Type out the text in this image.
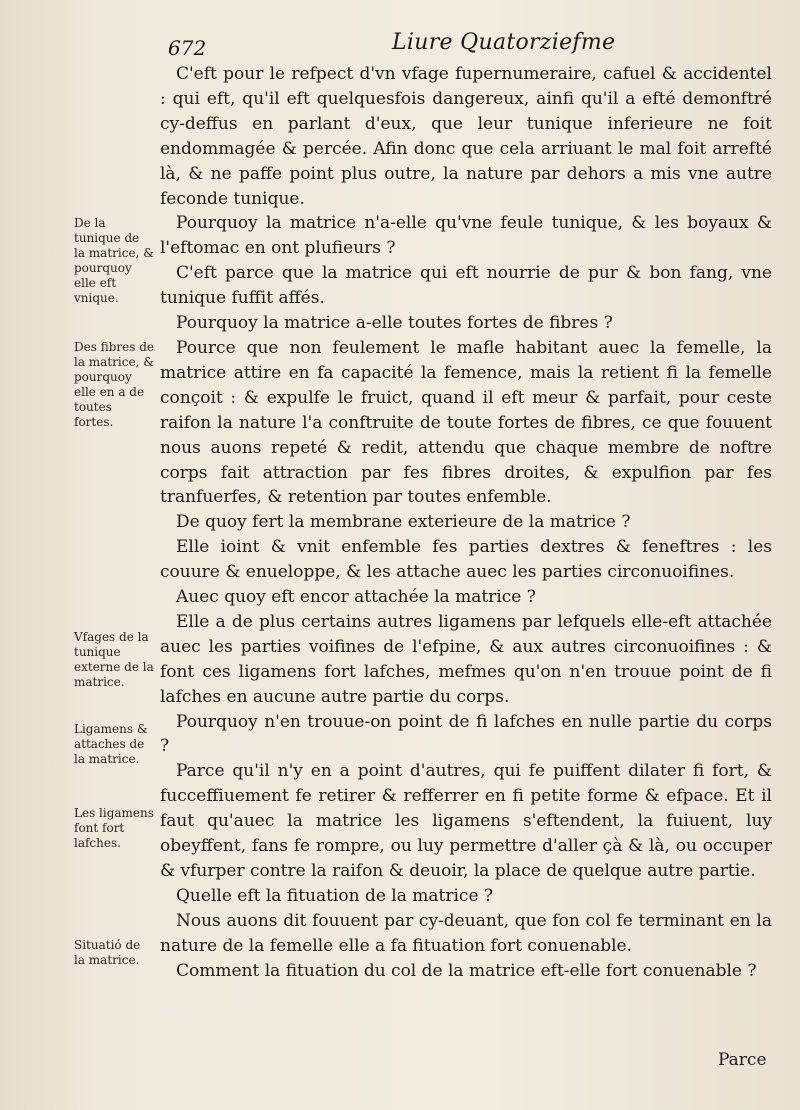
672	Liure Quatorziefme

C'eft pour le refpect d'vn vfage fupernumeraire, cafuel & accidentel : qui eft, qu'il eft quelquesfois dangereux, ainfi qu'il a efté demonftré cy-deffus en parlant d'eux, que leur tunique inferieure ne foit endommagée & percée. Afin donc que cela arriuant le mal foit arrefté là, & ne paffe point plus outre, la nature par dehors a mis vne autre feconde tunique.

Pourquoy la matrice n'a-elle qu'vne feule tunique, & les boyaux & l'eftomac en ont plufieurs ?

C'eft parce que la matrice qui eft nourrie de pur & bon fang, vne tunique fuffit affés.

Pourquoy la matrice a-elle toutes fortes de fibres ?

Pource que non feulement le mafle habitant auec la femelle, la matrice attire en fa capacité la femence, mais la retient fi la femelle conçoit : & expulfe le fruict, quand il eft meur & parfait, pour ceste raifon la nature l'a conftruite de toute fortes de fibres, ce que fouuent nous auons repeté & redit, attendu que chaque membre de noftre corps fait attraction par fes fibres droites, & expulfion par fes tranfuerfes, & retention par toutes enfemble.

De quoy fert la membrane exterieure de la matrice ?

Elle ioint & vnit enfemble fes parties dextres & feneftres : les couure & enueloppe, & les attache auec les parties circonuoifines.

Auec quoy eft encor attachée la matrice ?

Elle a de plus certains autres ligamens par lefquels elle-eft attachée auec les parties voifines de l'efpine, & aux autres circonuoifines : & font ces ligamens fort lafches, mefmes qu'on n'en trouue point de fi lafches en aucune autre partie du corps.

Pourquoy n'en trouue-on point de fi lafches en nulle partie du corps ?

Parce qu'il n'y en a point d'autres, qui fe puiffent dilater fi fort, & fucceffiuement fe retirer & refferrer en fi petite forme & efpace. Et il faut qu'auec la matrice les ligamens s'eftendent, la fuiuent, luy obeyffent, fans fe rompre, ou luy permettre d'aller çà & là, ou occuper & vfurper contre la raifon & deuoir, la place de quelque autre partie.

Quelle eft la fituation de la matrice ?

Nous auons dit fouuent par cy-deuant, que fon col fe terminant en la nature de la femelle elle a fa fituation fort conuenable.

Comment la fituation du col de la matrice eft-elle fort conuenable ?

De la tunique de la matrice, & pourquoy elle eft vnique.
Des fibres de la matrice, & pourquoy elle en a de toutes fortes.
Vfages de la tunique externe de la matrice.
Ligamens & attaches de la matrice.
Les ligamens font fort lafches.
Situatió de la matrice.
Parce
